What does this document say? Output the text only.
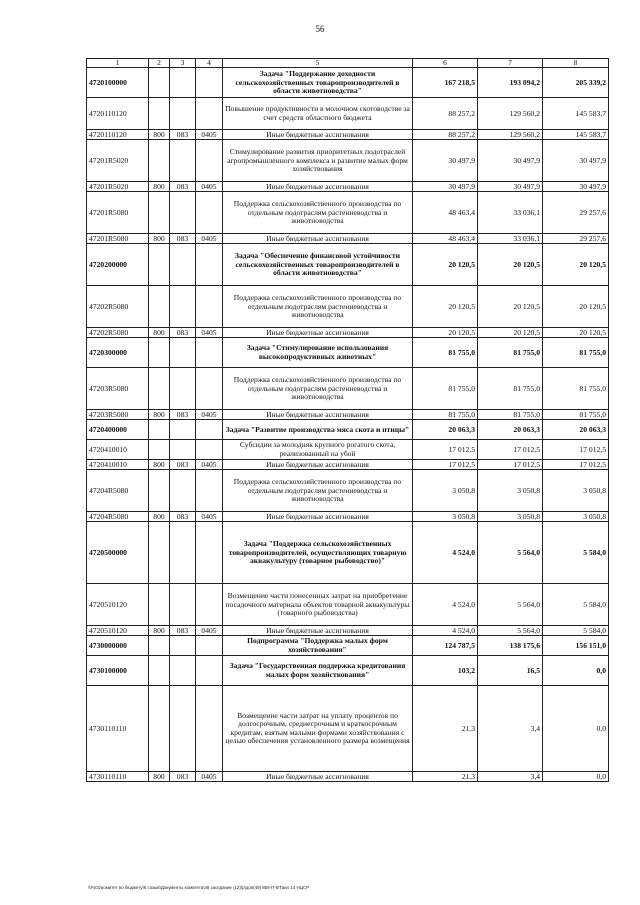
56
1	2	3	4	5	6	7	8
4720100000				Задача "Поддержание доходности сельскохозяйственных товаропроизводителей в области животноводства"	167 218,5	193 094,2	205 339,2
4720110120				Повышение продуктивности в молочном скотоводстве за счет средств областного бюджета	88 257,2	129 560,2	145 583,7
4720110120	800	083	0405	Иные бюджетные ассигнования	88 257,2	129 560,2	145 583,7
47201R5020				Стимулирование развития приоритетных подотраслей агропромышленного комплекса и развитие малых форм хозяйствования	30 497,9	30 497,9	30 497,9
47201R5020	800	083	0405	Иные бюджетные ассигнования	30 497,9	30 497,9	30 497,9
47201R5080				Поддержка сельскохозяйственного производства по отдельным подотраслям растениеводства и животноводства	48 463,4	33 036,1	29 257,6
47201R5080	800	083	0405	Иные бюджетные ассигнования	48 463,4	33 036,1	29 257,6
4720200000				Задача "Обеспечение финансовой устойчивости сельскохозяйственных товаропроизводителей в области животноводства"	20 120,5	20 120,5	20 120,5
47202R5080				Поддержка сельскохозяйственного производства по отдельным подотраслям растениеводства и животноводства	20 120,5	20 120,5	20 120,5
47202R5080	800	083	0405	Иные бюджетные ассигнования	20 120,5	20 120,5	20 120,5
4720300000				Задача "Стимулирование использования высокопродуктивных животных"	81 755,0	81 755,0	81 755,0
47203R5080				Поддержка сельскохозяйственного производства по отдельным подотраслям растениеводства и животноводства	81 755,0	81 755,0	81 755,0
47203R5080	800	083	0405	Иные бюджетные ассигнования	81 755,0	81 755,0	81 755,0
4720400000				Задача "Развитие производства мяса скота и птицы"	20 063,3	20 063,3	20 063,3
4720410010				Субсидии за молодняк крупного рогатого скота, реализованный на убой	17 012,5	17 012,5	17 012,5
4720410010	800	083	0405	Иные бюджетные ассигнования	17 012,5	17 012,5	17 012,5
47204R5080				Поддержка сельскохозяйственного производства по отдельным подотраслям растениеводства и животноводства	3 050,8	3 050,8	3 050,8
47204R5080	800	083	0405	Иные бюджетные ассигнования	3 050,8	3 050,8	3 050,8
4720500000				Задача "Поддержка сельскохозяйственных товаропроизводителей, осуществляющих товарную аквакультуру (товарное рыбоводство)"	4 524,0	5 564,0	5 584,0
4720510120				Возмещение части понесенных затрат на приобретение посадочного материала объектов товарной аквакультуры (товарного рыбоводства)	4 524,0	5 564,0	5 584,0
4720510120	800	083	0405	Иные бюджетные ассигнования	4 524,0	5 564,0	5 584,0
4730000000				Подпрограмма "Поддержка малых форм хозяйствования"	124 787,5	138 175,6	156 151,0
4730100000				Задача "Государственная поддержка кредитования малых форм хозяйствования"	103,2	16,5	0,0
4730110110				Возмещение части затрат на уплату процентов по долгосрочным, среднесрочным и краткосрочным кредитам, взятым малыми формами хозяйствования с целью обеспечения установленного размера возмещения	21,3	3,4	0,0
4730110110	800	083	0405	Иные бюджетные ассигнования	21,3	3,4	0,0
\\Fs01\комитет по бюджету\6 созыв\Документы комитета\49 заседание (12)\р\доп(49) 856-П-6\Таил 14 НЦСР
